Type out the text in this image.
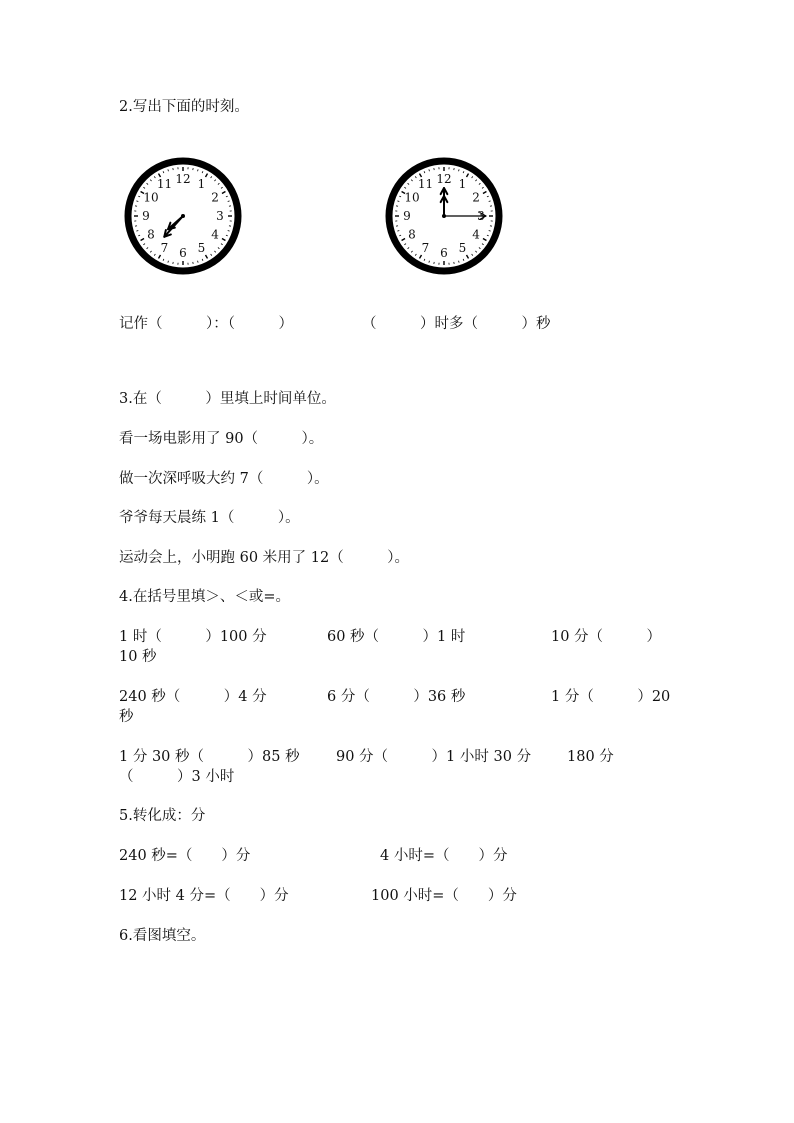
2.写出下面的时刻。
12 1
2
3
4
5
6
7
8
9
10
11	12 1
2
3
4
5
6
7
8
9
10
11
记作（　　　）：（　　　）	（　　　）时多（　　　）秒
3.在（　　　）里填上时间单位。
看一场电影用了 90（　　　）。
做一次深呼吸大约 7（　　　）。
爷爷每天晨练 1（　　　）。
运动会上，小明跑 60 米用了 12（　　　）。
4.在括号里填＞、＜或=。
1 时（　　　）100 分	60 秒（　　　）1 时	10 分（　　　）
10 秒
240 秒（　　　）4 分	6 分（　　　）36 秒	1 分（　　　）20
秒
1 分 30 秒（　　　）85 秒	90 分（　　　）1 小时 30 分 180 分
（　　　）3 小时
5.转化成：分
240 秒=（　　）分	4 小时=（　　）分
12 小时 4 分=（　　）分	100 小时=（　　）分
6.看图填空。
